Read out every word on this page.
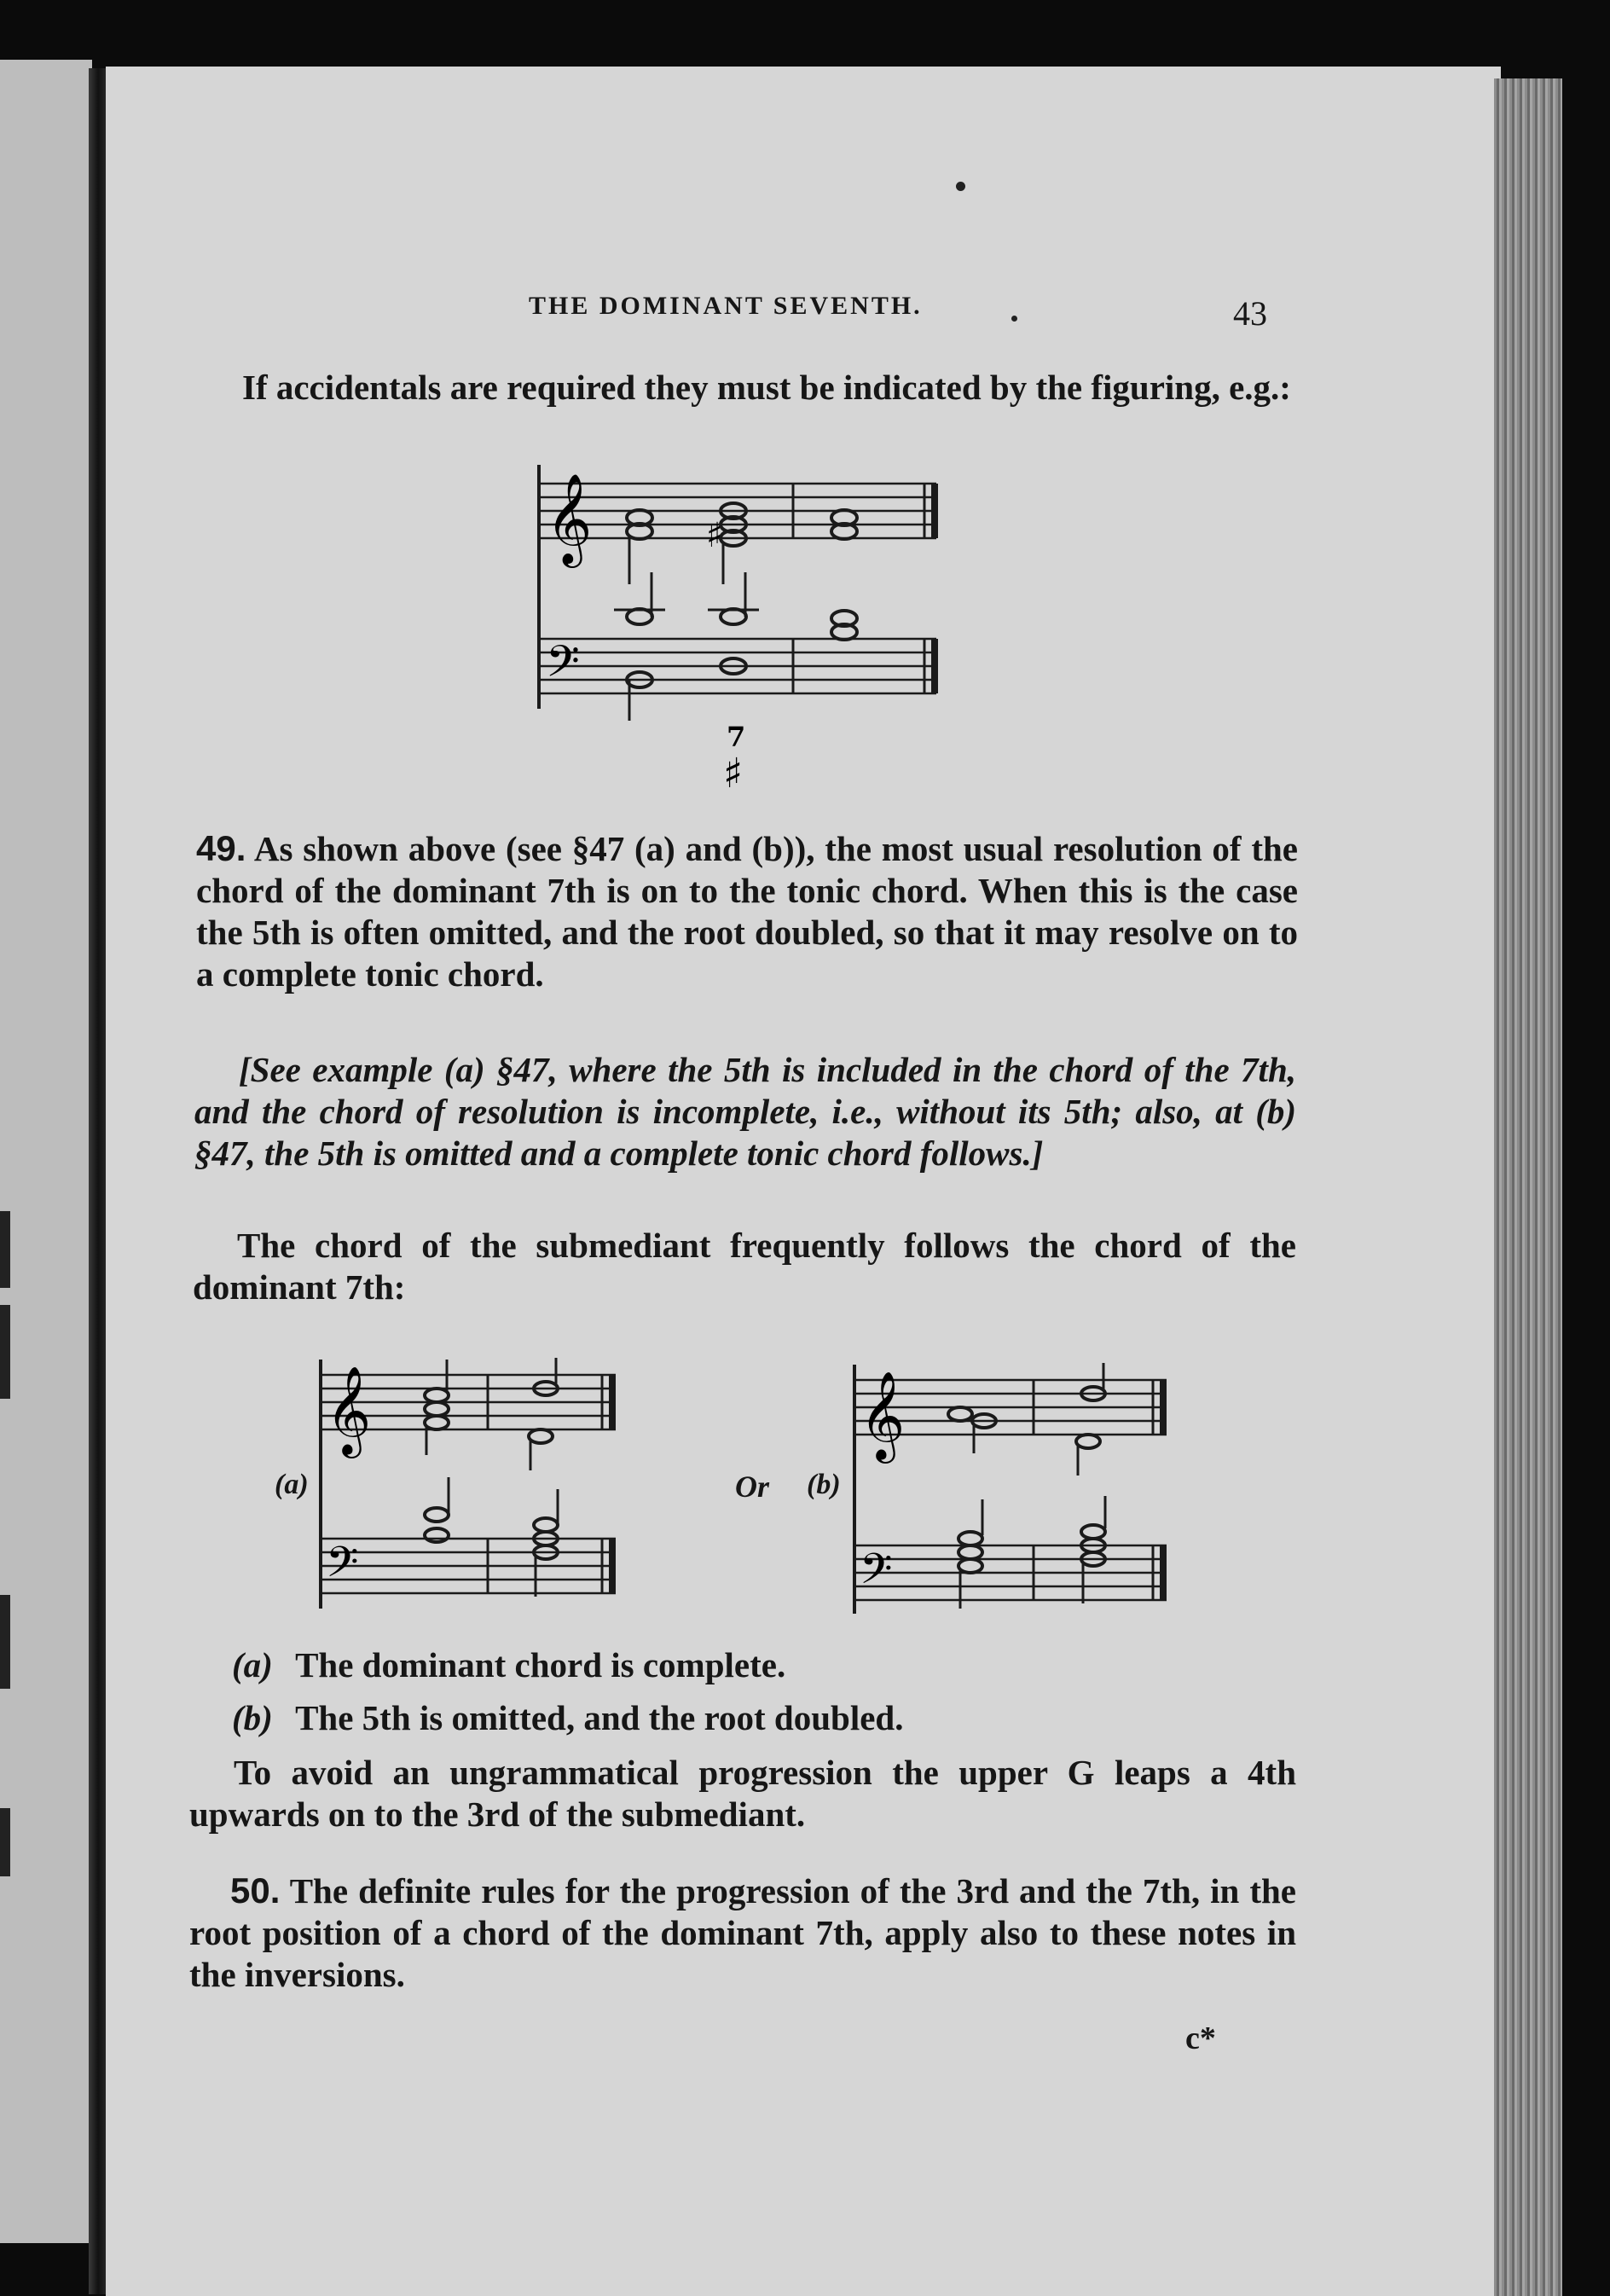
THE DOMINANT SEVENTH.	43
If accidentals are required they must be indicated by the figuring, e.g.:
𝄞
𝄢
♯
7
♯
49. As shown above (see §47 (a) and (b)), the most usual resolution of the chord of the dominant 7th is on to the tonic chord. When this is the case the 5th is often omitted, and the root doubled, so that it may resolve on to a complete tonic chord.
[See example (a) §47, where the 5th is included in the chord of the 7th, and the chord of resolution is incomplete, i.e., without its 5th; also, at (b) §47, the 5th is omitted and a complete tonic chord follows.]
The chord of the submediant frequently follows the chord of the dominant 7th:
(a)
𝄞
𝄢
Or (b)
𝄞
𝄢
(a) The dominant chord is complete.
(b) The 5th is omitted, and the root doubled.
To avoid an ungrammatical progression the upper G leaps a 4th upwards on to the 3rd of the submediant.
50. The definite rules for the progression of the 3rd and the 7th, in the root position of a chord of the dominant 7th, apply also to these notes in the inversions.
c*
